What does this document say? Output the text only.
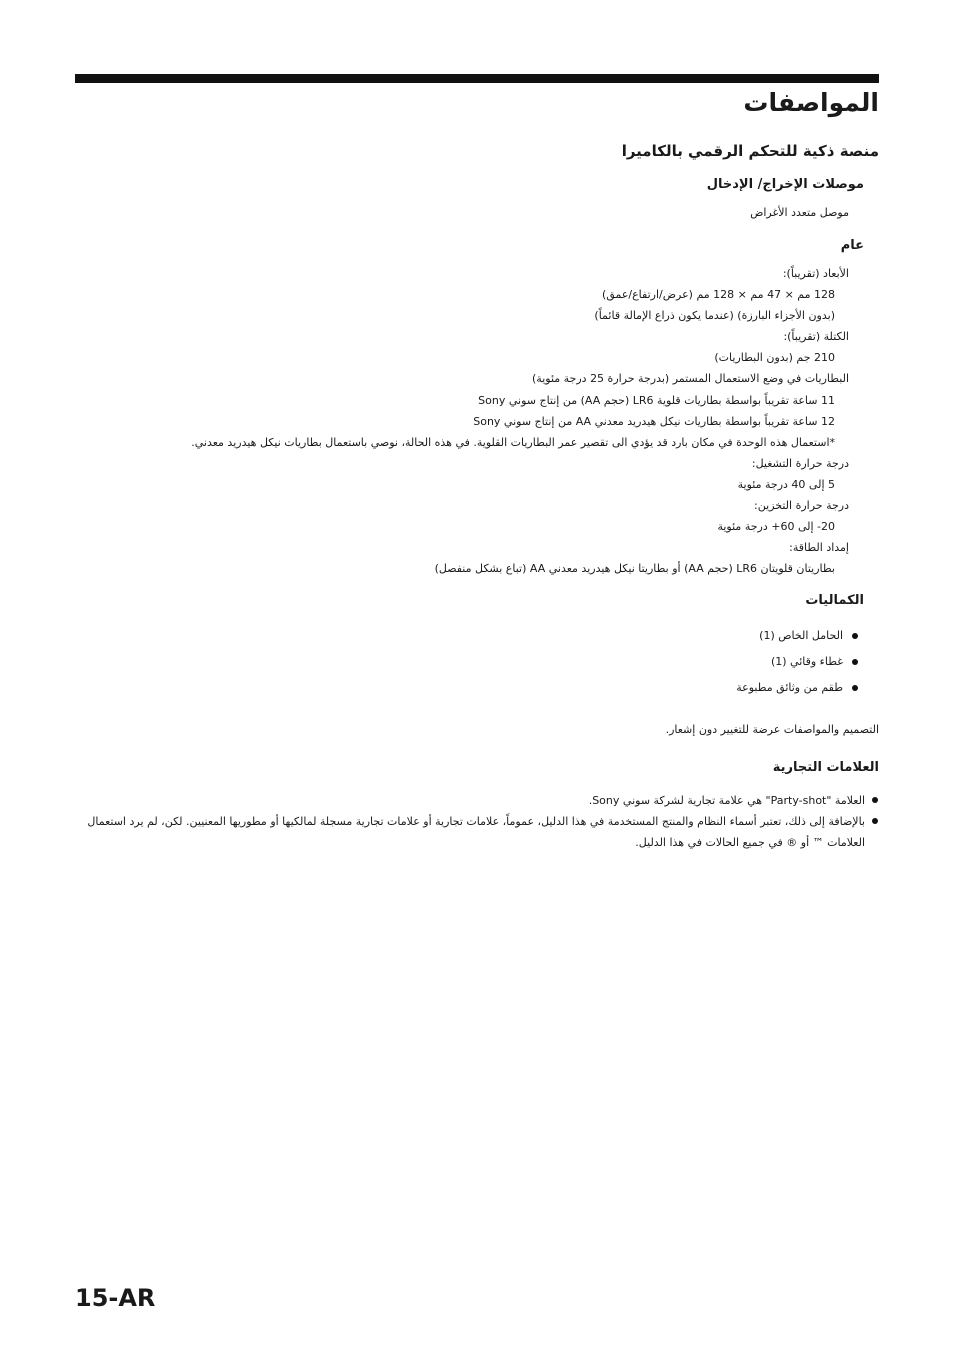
المواصفات
منصة ذكية للتحكم الرقمي بالكاميرا
موصلات الإخراج/ الإدخال
موصل متعدد الأغراض
عام
الأبعاد (تقريباً):
128 مم × 47 مم × 128 مم (عرض/ارتفاع/عمق)
(بدون الأجزاء البارزة) (عندما يكون ذراع الإمالة قائماً)
الكتلة (تقريباً):
210 جم (بدون البطاريات)
البطاريات في وضع الاستعمال المستمر (بدرجة حرارة 25 درجة مئوية)
11 ساعة تقريباً بواسطة بطاريات قلوية LR6 (حجم AA) من إنتاج سوني Sony
12 ساعة تقريباً بواسطة بطاريات نيكل هيدريد معدني AA من إنتاج سوني Sony
*استعمال هذه الوحدة في مكان بارد قد يؤدي الى تقصير عمر البطاريات القلوية. في هذه الحالة، نوصي باستعمال بطاريات نيكل هيدريد معدني.
درجة حرارة التشغيل:
5 إلى 40 درجة مئوية
درجة حرارة التخزين:
20- إلى 60+ درجة مئوية
إمداد الطاقة:
بطاريتان قلويتان LR6 (حجم AA) أو بطاريتا نيكل هيدريد معدني AA (تباع بشكل منفصل)
الكماليات
الحامل الخاص (1)
غطاء وقائي (1)
طقم من وثائق مطبوعة
التصميم والمواصفات عرضة للتغيير دون إشعار.
العلامات التجارية
العلامة "Party-shot" هي علامة تجارية لشركة سوني Sony.
بالإضافة إلى ذلك، تعتبر أسماء النظام والمنتج المستخدمة في هذا الدليل، عموماً، علامات تجارية أو علامات تجارية مسجلة لمالكيها أو مطوريها المعنيين. لكن، لم يرد استعمال العلامات ™ أو ® في جميع الحالات في هذا الدليل.
15-AR
